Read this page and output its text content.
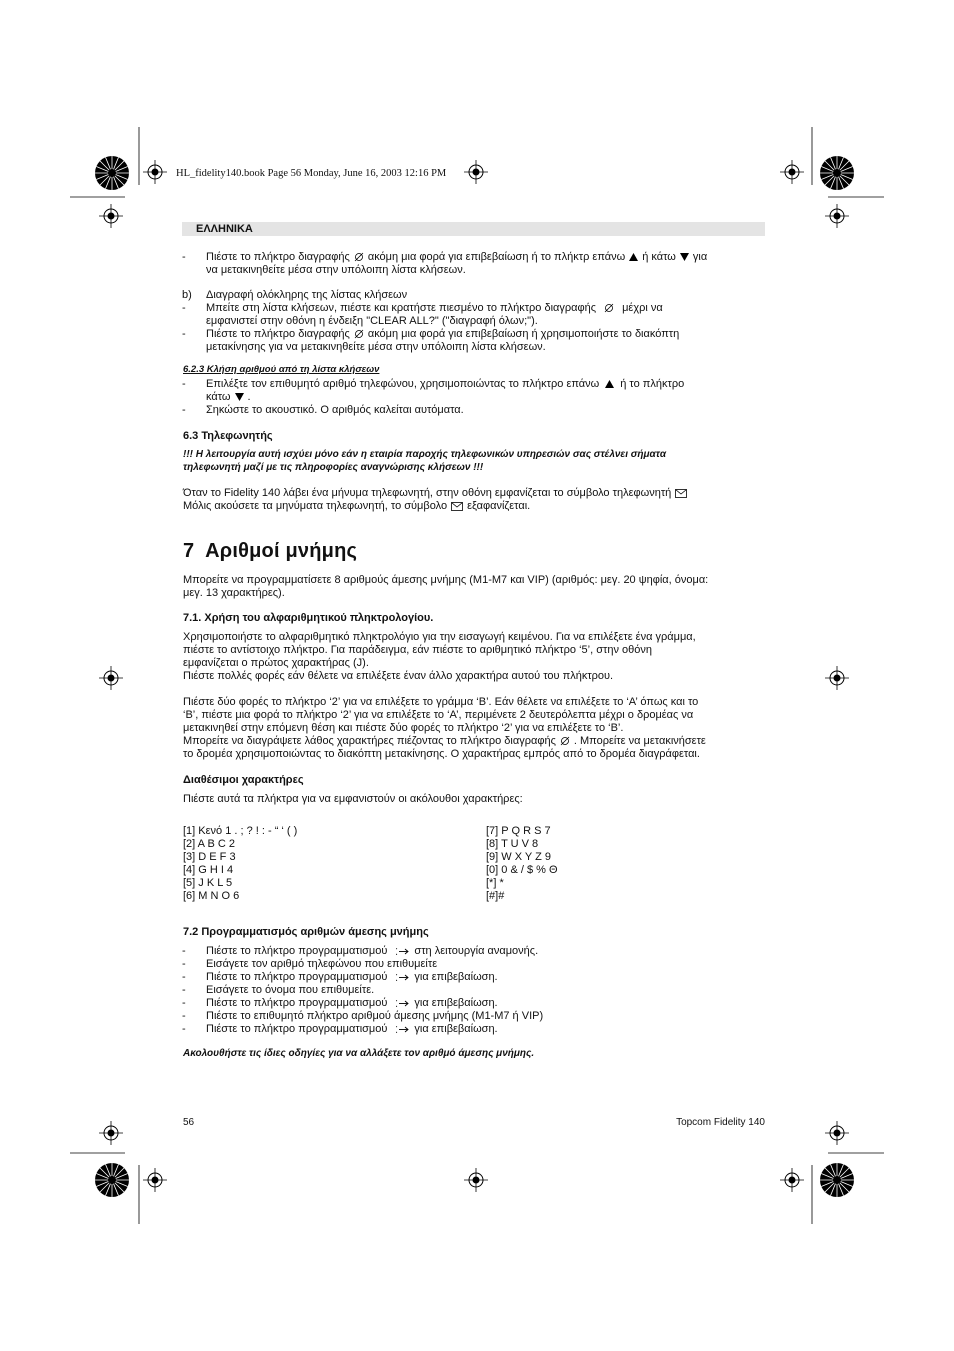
HL_fidelity140.book Page 56 Monday, June 16, 2003 12:16 PM
ΕΛΛΗΝΙΚΑ
- Πιέστε το πλήκτρο διαγραφής ακόμη μια φορά για επιβεβαίωση ή το πλήκτρ επάνω ή κάτω για
να μετακινηθείτε μέσα στην υπόλοιπη λίστα κλήσεων.
b) Διαγραφή ολόκληρης της λίστας κλήσεων
- Μπείτε στη λίστα κλήσεων, πιέστε και κρατήστε πιεσμένο το πλήκτρο διαγραφής μέχρι να
εμφανιστεί στην οθόνη η ένδειξη "CLEAR ALL?" ("διαγραφή όλων;").
- Πιέστε το πλήκτρο διαγραφής ακόμη μια φορά για επιβεβαίωση ή χρησιμοποιήστε το διακόπτη
μετακίνησης για να μετακινηθείτε μέσα στην υπόλοιπη λίστα κλήσεων.
6.2.3 Κλήση αριθμού από τη λίστα κλήσεων
- Επιλέξτε τον επιθυμητό αριθμό τηλεφώνου, χρησιμοποιώντας το πλήκτρο επάνω ή το πλήκτρο
κάτω .
- Σηκώστε το ακουστικό. Ο αριθμός καλείται αυτόματα.
6.3 Τηλεφωνητής
!!! Η λειτουργία αυτή ισχύει μόνο εάν η εταιρία παροχής τηλεφωνικών υπηρεσιών σας στέλνει σήματα
τηλεφωνητή μαζί με τις πληροφορίες αναγνώρισης κλήσεων !!!
Όταν το Fidelity 140 λάβει ένα μήνυμα τηλεφωνητή, στην οθόνη εμφανίζεται το σύμβολο τηλεφωνητή
Μόλις ακούσετε τα μηνύματα τηλεφωνητή, το σύμβολο εξαφανίζεται.
7 Αριθμοί μνήμης
Μπορείτε να προγραμματίσετε 8 αριθμούς άμεσης μνήμης (M1-M7 και VIP) (αριθμός: μεγ. 20 ψηφία, όνομα:
μεγ. 13 χαρακτήρες).
7.1. Χρήση του αλφαριθμητικού πληκτρολογίου.
Χρησιμοποιήστε το αλφαριθμητικό πληκτρολόγιο για την εισαγωγή κειμένου. Για να επιλέξετε ένα γράμμα,
πιέστε το αντίστοιχο πλήκτρο. Για παράδειγμα, εάν πιέστε το αριθμητικό πλήκτρο ‘5’, στην οθόνη
εμφανίζεται ο πρώτος χαρακτήρας (J).
Πιέστε πολλές φορές εάν θέλετε να επιλέξετε έναν άλλο χαρακτήρα αυτού του πλήκτρου.
Πιέστε δύο φορές το πλήκτρο ‘2’ για να επιλέξετε το γράμμα ‘B’. Εάν θέλετε να επιλέξετε το ‘A’ όπως και το
‘B’, πιέστε μια φορά το πλήκτρο ‘2’ για να επιλέξετε το ‘A’, περιμένετε 2 δευτερόλεπτα μέχρι ο δρομέας να
μετακινηθεί στην επόμενη θέση και πιέστε δύο φορές το πλήκτρο ‘2’ για να επιλέξετε το ‘B’.
Μπορείτε να διαγράψετε λάθος χαρακτήρες πιέζοντας το πλήκτρο διαγραφής . Μπορείτε να μετακινήσετε
το δρομέα χρησιμοποιώντας το διακόπτη μετακίνησης. Ο χαρακτήρας εμπρός από το δρομέα διαγράφεται.
Διαθέσιμοι χαρακτήρες
Πιέστε αυτά τα πλήκτρα για να εμφανιστούν οι ακόλουθοι χαρακτήρες:
[1] Κενό 1 . ; ? ! : - “ ‘ ( )
[2] A B C 2
[3] D E F 3
[4] G H I 4
[5] J K L 5
[6] M N O 6
[7] P Q R S 7
[8] T U V 8
[9] W X Y Z 9
[0] 0 & / $ % Θ
[*] *
[#]#
7.2 Προγραμματισμός αριθμών άμεσης μνήμης
- Πιέστε το πλήκτρο προγραμματισμού στη λειτουργία αναμονής.
- Εισάγετε τον αριθμό τηλεφώνου που επιθυμείτε
- Πιέστε το πλήκτρο προγραμματισμού για επιβεβαίωση.
- Εισάγετε το όνομα που επιθυμείτε.
- Πιέστε το πλήκτρο προγραμματισμού για επιβεβαίωση.
- Πιέστε το επιθυμητό πλήκτρο αριθμού άμεσης μνήμης (M1-M7 ή VIP)
- Πιέστε το πλήκτρο προγραμματισμού για επιβεβαίωση.
Ακολουθήστε τις ίδιες οδηγίες για να αλλάξετε τον αριθμό άμεσης μνήμης.
56	Topcom Fidelity 140
